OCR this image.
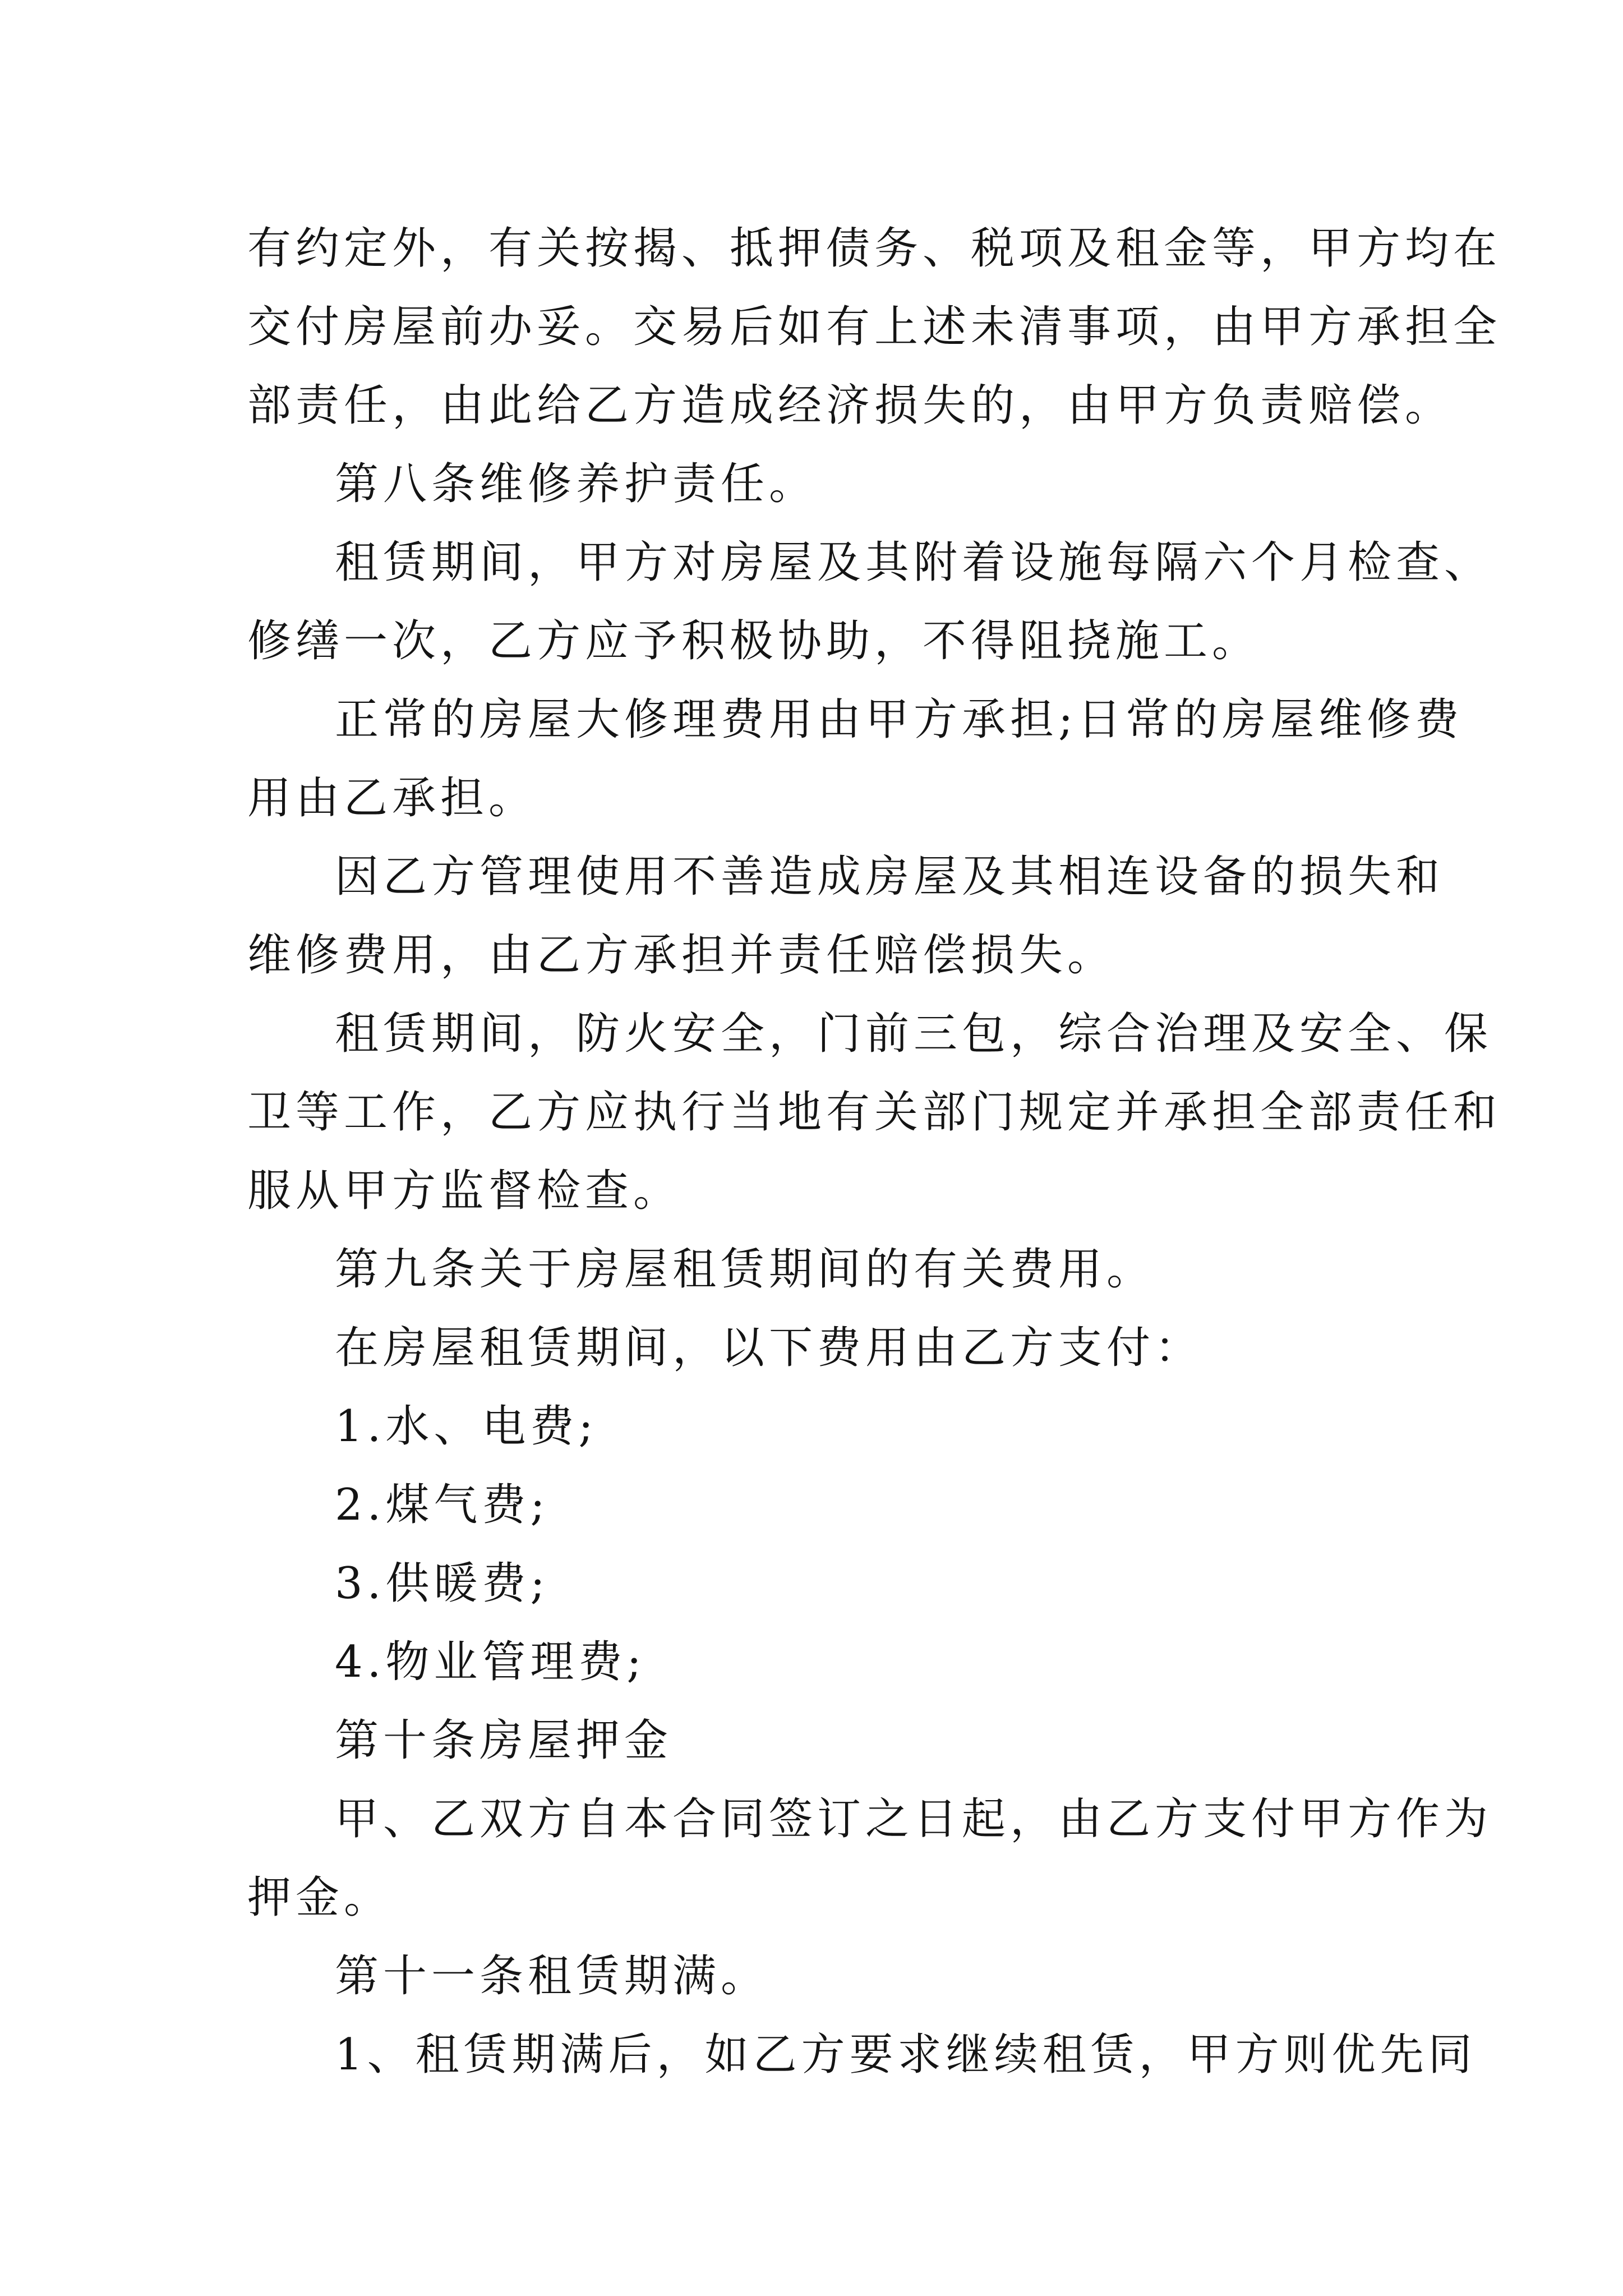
有约定外，有关按揭、抵押债务、税项及租金等，甲方均在
交付房屋前办妥。交易后如有上述未清事项，由甲方承担全
部责任，由此给乙方造成经济损失的，由甲方负责赔偿。
第八条维修养护责任。
租赁期间，甲方对房屋及其附着设施每隔六个月检查、
修缮一次，乙方应予积极协助，不得阻挠施工。
正常的房屋大修理费用由甲方承担;日常的房屋维修费
用由乙承担。
因乙方管理使用不善造成房屋及其相连设备的损失和
维修费用，由乙方承担并责任赔偿损失。
租赁期间，防火安全，门前三包，综合治理及安全、保
卫等工作，乙方应执行当地有关部门规定并承担全部责任和
服从甲方监督检查。
第九条关于房屋租赁期间的有关费用。
在房屋租赁期间，以下费用由乙方支付：
1.水、电费;
2.煤气费;
3.供暖费;
4.物业管理费;
第十条房屋押金
甲、乙双方自本合同签订之日起，由乙方支付甲方作为
押金。
第十一条租赁期满。
1、租赁期满后，如乙方要求继续租赁，甲方则优先同
